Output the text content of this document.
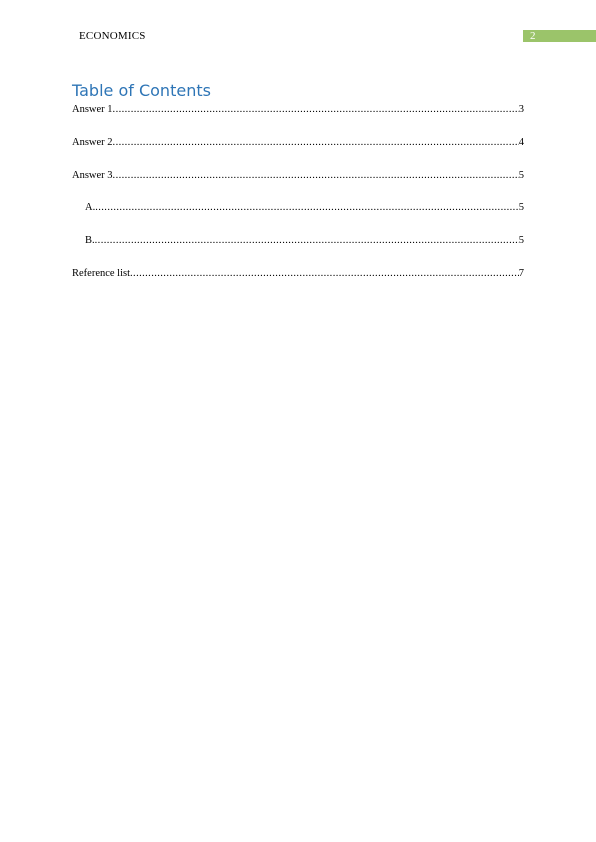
ECONOMICS	2
Table of Contents
Answer 1 .....	3
Answer 2 .....	4
Answer 3 .....	5
A. .....	5
B. .....	5
Reference list .....	7
